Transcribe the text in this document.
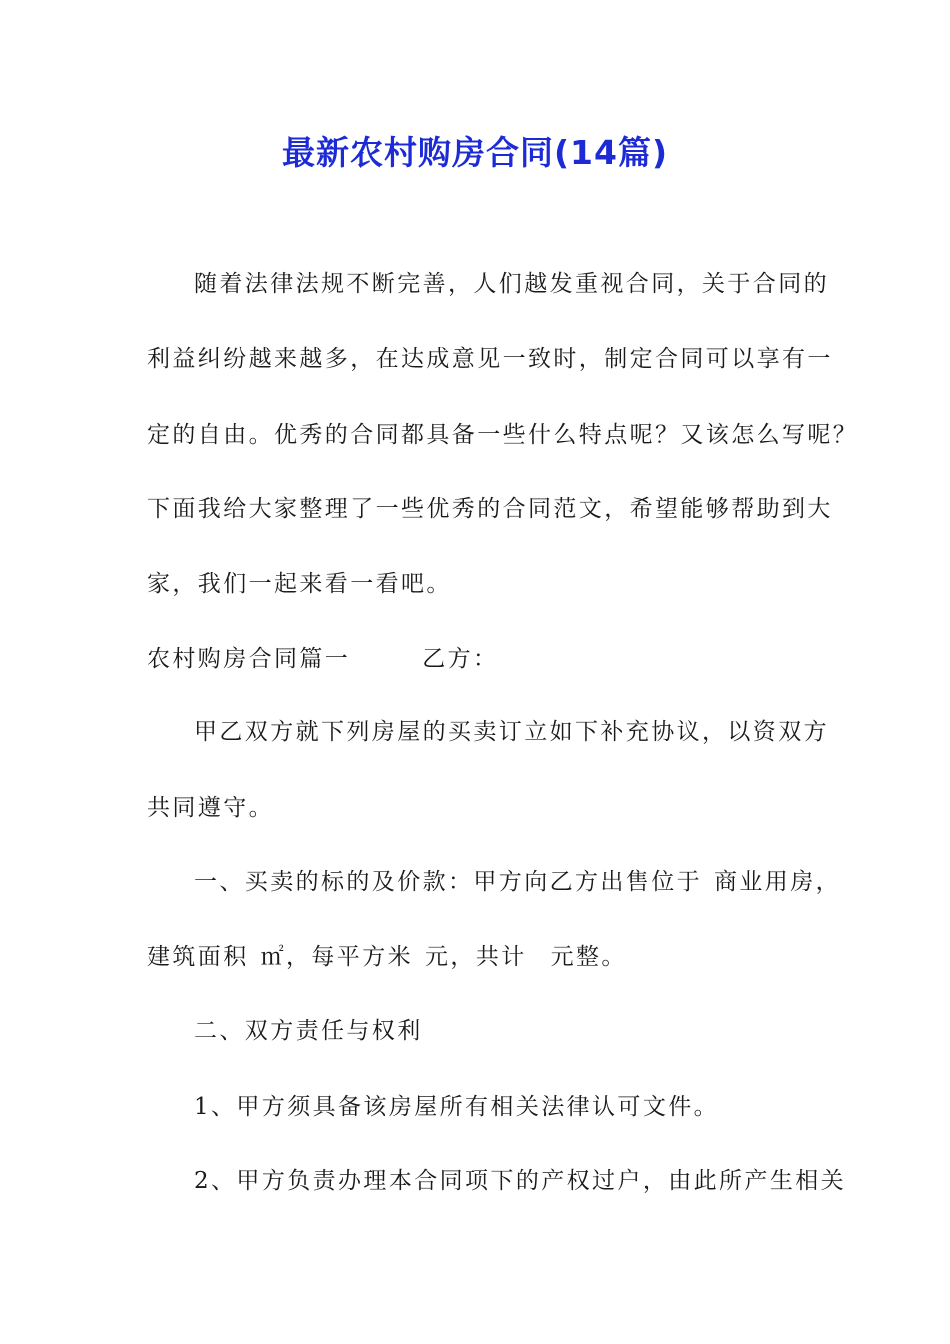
最新农村购房合同(14篇)
随着法律法规不断完善，人们越发重视合同，关于合同的
利益纠纷越来越多，在达成意见一致时，制定合同可以享有一
定的自由。优秀的合同都具备一些什么特点呢？又该怎么写呢？
下面我给大家整理了一些优秀的合同范文，希望能够帮助到大
家，我们一起来看一看吧。
农村购房合同篇一	乙方：
甲乙双方就下列房屋的买卖订立如下补充协议，以资双方
共同遵守。
一、买卖的标的及价款：甲方向乙方出售位于 商业用房，
建筑面积 ㎡，每平方米 元，共计 元整。
二、双方责任与权利
1、甲方须具备该房屋所有相关法律认可文件。
2、甲方负责办理本合同项下的产权过户，由此所产生相关
